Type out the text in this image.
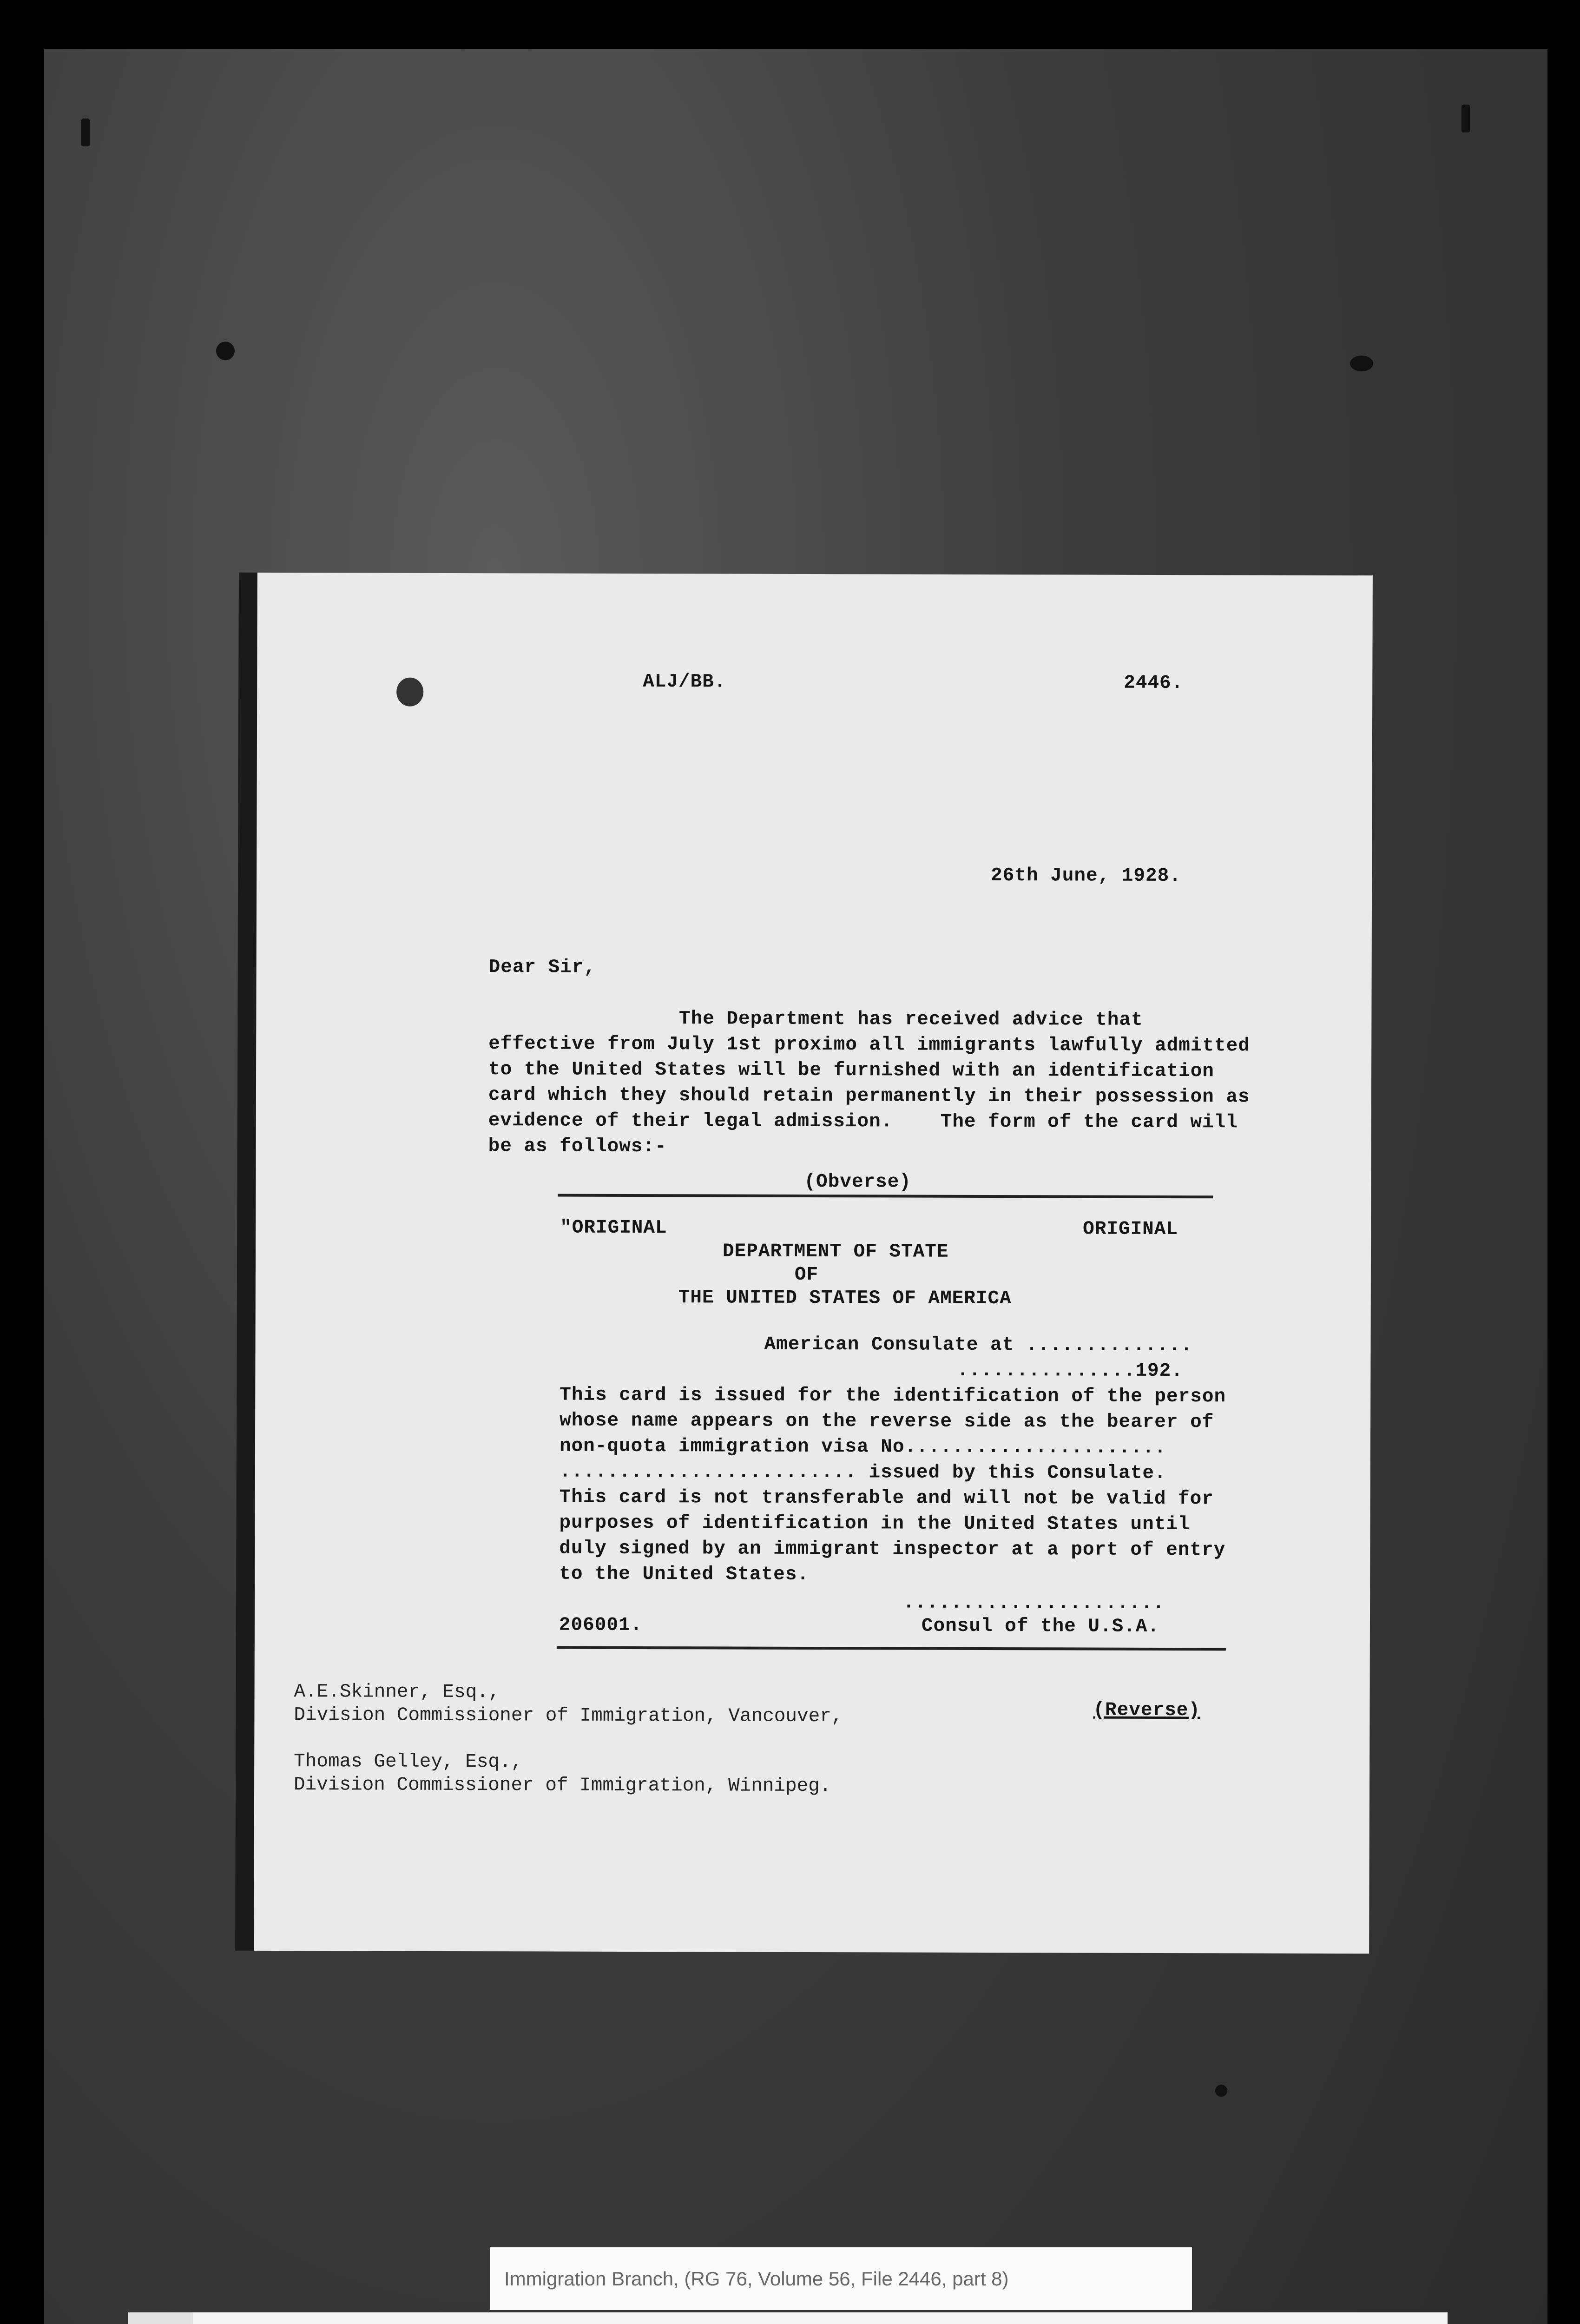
ALJ/BB.	2446.
26th June, 1928.
Dear Sir,
The Department has received advice that
effective from July 1st proximo all immigrants lawfully admitted
to the United States will be furnished with an identification
card which they should retain permanently in their possession as
evidence of their legal admission.    The form of the card will
be as follows:-
(Obverse)
"ORIGINAL	ORIGINAL
DEPARTMENT OF STATE
OF
THE UNITED STATES OF AMERICA
American Consulate at ..............
...............192.
This card is issued for the identification of the person
whose name appears on the reverse side as the bearer of
non-quota immigration visa No......................
......................... issued by this Consulate.
This card is not transferable and will not be valid for
purposes of identification in the United States until
duly signed by an immigrant inspector at a port of entry
to the United States.
......................
206001.	Consul of the U.S.A.
(Reverse)
A.E.Skinner, Esq.,
Division Commissioner of Immigration, Vancouver,
Thomas Gelley, Esq.,
Division Commissioner of Immigration, Winnipeg.
Immigration Branch, (RG 76, Volume 56, File 2446, part 8)
